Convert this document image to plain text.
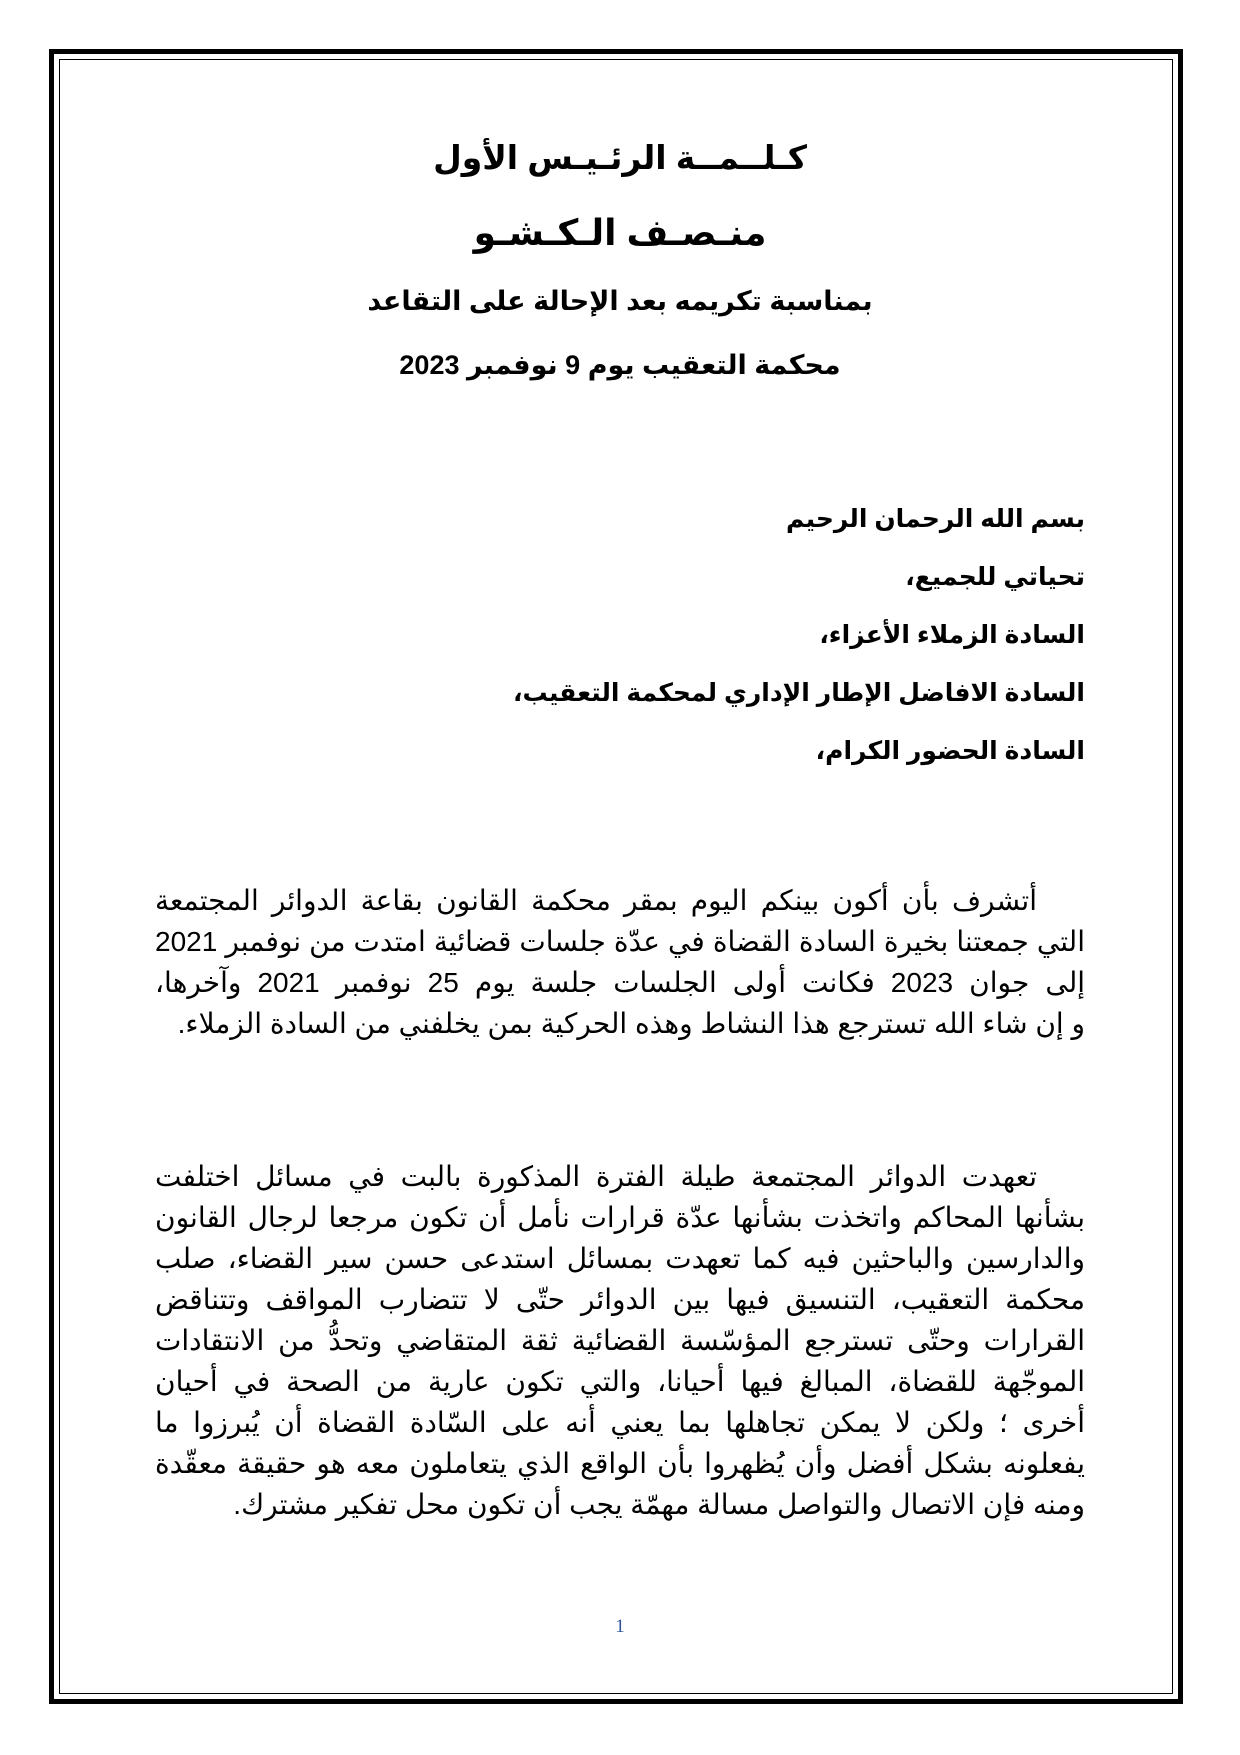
كـلــمــة الرئـيـس الأول
منـصـف الـكـشـو
بمناسبة تكريمه بعد الإحالة على التقاعد
محكمة التعقيب يوم 9 نوفمبر 2023
بسم الله الرحمان الرحيم
تحياتي للجميع،
السادة الزملاء الأعزاء،
السادة الافاضل الإطار الإداري لمحكمة التعقيب،
السادة الحضور الكرام،
أتشرف بأن أكون بينكم اليوم بمقر محكمة القانون بقاعة الدوائر المجتمعة
التي جمعتنا بخيرة السادة القضاة في عدّة جلسات قضائية امتدت من نوفمبر 2021
إلى جوان 2023 فكانت أولى الجلسات جلسة يوم 25 نوفمبر 2021 وآخرها،
و إن شاء الله تسترجع هذا النشاط وهذه الحركية بمن يخلفني من السادة الزملاء.
تعهدت الدوائر المجتمعة طيلة الفترة المذكورة بالبت في مسائل اختلفت
بشأنها المحاكم واتخذت بشأنها عدّة قرارات نأمل أن تكون مرجعا لرجال القانون
والدارسين والباحثين فيه كما تعهدت بمسائل استدعى حسن سير القضاء، صلب
محكمة التعقيب، التنسيق فيها بين الدوائر حتّى لا تتضارب المواقف وتتناقض
القرارات وحتّى تسترجع المؤسّسة القضائية ثقة المتقاضي وتحدُّ من الانتقادات
الموجّهة للقضاة، المبالغ فيها أحيانا، والتي تكون عارية من الصحة في أحيان
أخرى ؛ ولكن لا يمكن تجاهلها بما يعني أنه على السّادة القضاة أن يُبرزوا ما
يفعلونه بشكل أفضل وأن يُظهروا بأن الواقع الذي يتعاملون معه هو حقيقة معقّدة
ومنه فإن الاتصال والتواصل مسالة مهمّة يجب أن تكون محل تفكير مشترك.
1
